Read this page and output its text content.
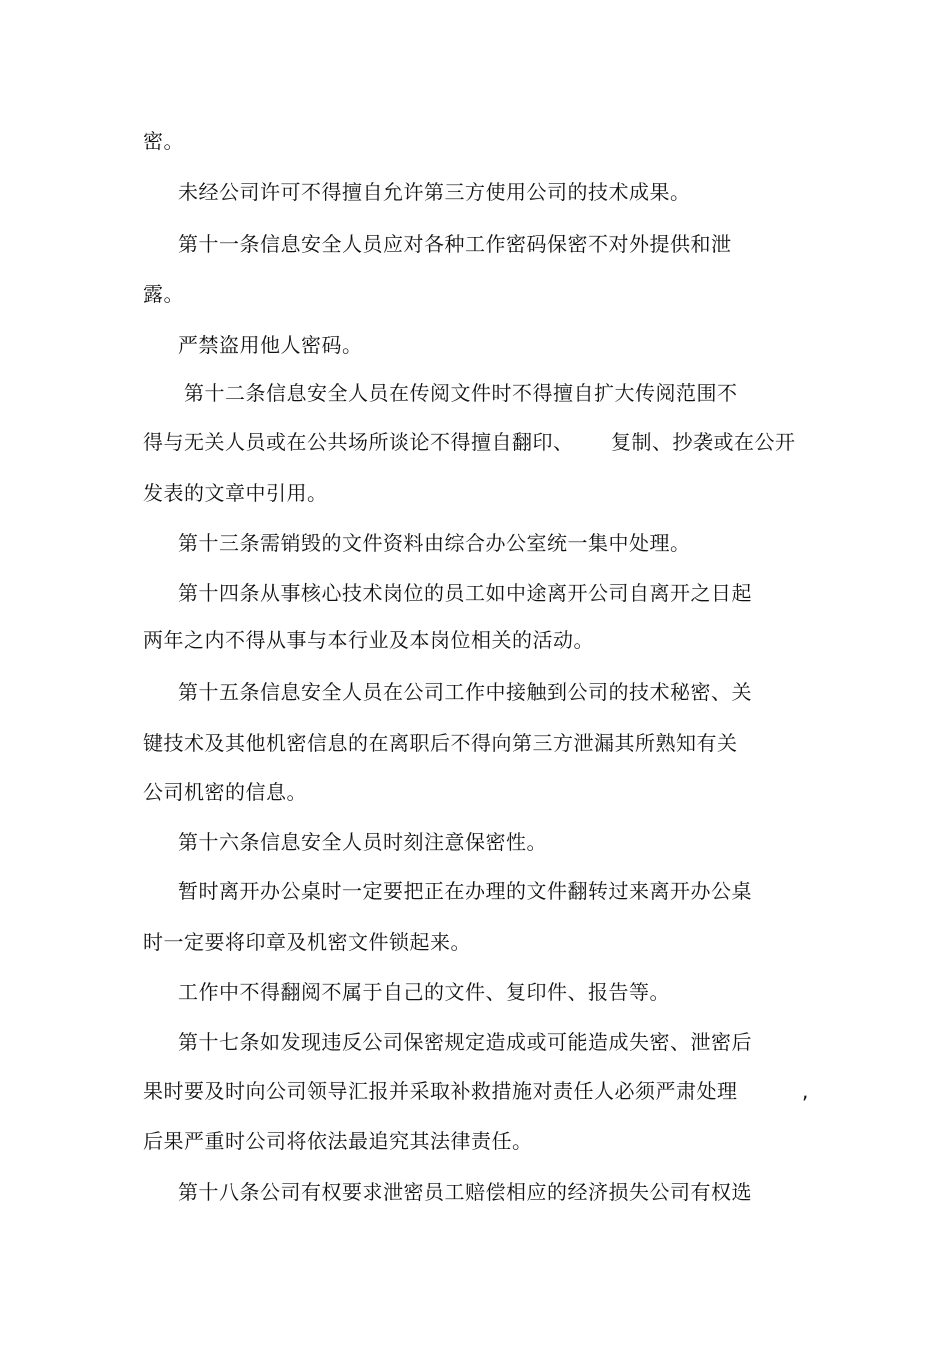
密。
未经公司许可不得擅自允许第三方使用公司的技术成果。
第十一条信息安全人员应对各种工作密码保密不对外提供和泄
露。
严禁盗用他人密码。
第十二条信息安全人员在传阅文件时不得擅自扩大传阅范围不
得与无关人员或在公共场所谈论不得擅自翻印、 复制、抄袭或在公开
发表的文章中引用。
第十三条需销毁的文件资料由综合办公室统一集中处理。
第十四条从事核心技术岗位的员工如中途离开公司自离开之日起
两年之内不得从事与本行业及本岗位相关的活动。
第十五条信息安全人员在公司工作中接触到公司的技术秘密、关
键技术及其他机密信息的在离职后不得向第三方泄漏其所熟知有关
公司机密的信息。
第十六条信息安全人员时刻注意保密性。
暂时离开办公桌时一定要把正在办理的文件翻转过来离开办公桌
时一定要将印章及机密文件锁起来。
工作中不得翻阅不属于自己的文件、复印件、报告等。
第十七条如发现违反公司保密规定造成或可能造成失密、泄密后
果时要及时向公司领导汇报并采取补救措施对责任人必须严肃处理	,
后果严重时公司将依法最追究其法律责任。
第十八条公司有权要求泄密员工赔偿相应的经济损失公司有权选
